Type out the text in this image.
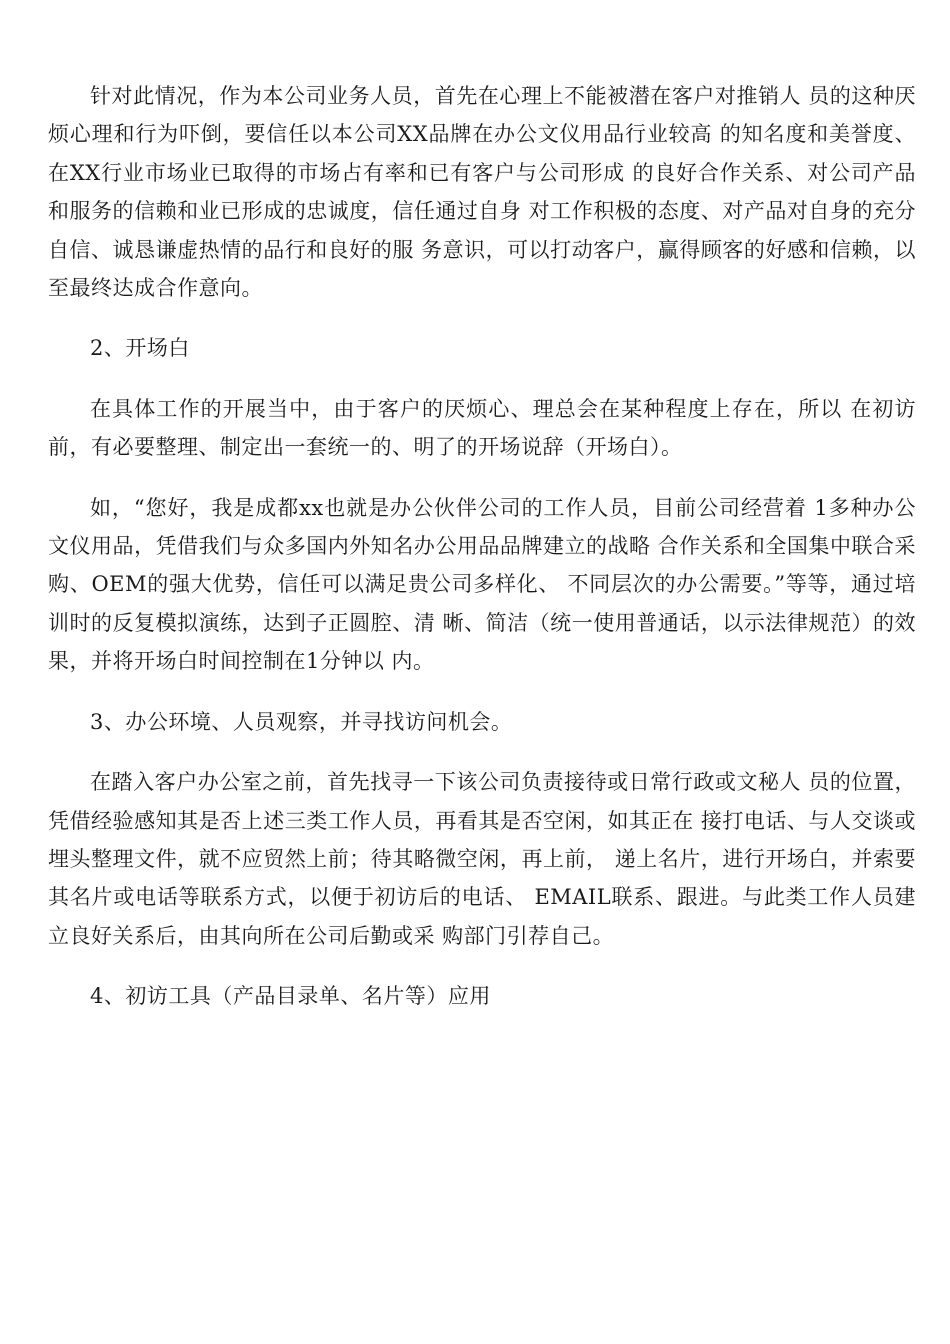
针对此情况，作为本公司业务人员，首先在心理上不能被潜在客户对推销人 员的这种厌烦心理和行为吓倒，要信任以本公司XX品牌在办公文仪用品行业较高 的知名度和美誉度、在XX行业市场业已取得的市场占有率和已有客户与公司形成 的良好合作关系、对公司产品和服务的信赖和业已形成的忠诚度，信任通过自身 对工作积极的态度、对产品对自身的充分自信、诚恳谦虚热情的品行和良好的服 务意识，可以打动客户，赢得顾客的好感和信赖，以至最终达成合作意向。

2、开场白

在具体工作的开展当中，由于客户的厌烦心、理总会在某种程度上存在，所以 在初访前，有必要整理、制定出一套统一的、明了的开场说辞（开场白）。

如，“您好，我是成都xx也就是办公伙伴公司的工作人员，目前公司经营着 1多种办公文仪用品，凭借我们与众多国内外知名办公用品品牌建立的战略 合作关系和全国集中联合采购、OEM的强大优势，信任可以满足贵公司多样化、 不同层次的办公需要。”等等，通过培训时的反复模拟演练，达到子正圆腔、清 晰、简洁（统一使用普通话，以示法律规范）的效果，并将开场白时间控制在1分钟以 内。

3、办公环境、人员观察，并寻找访问机会。

在踏入客户办公室之前，首先找寻一下该公司负责接待或日常行政或文秘人 员的位置，凭借经验感知其是否上述三类工作人员，再看其是否空闲，如其正在 接打电话、与人交谈或埋头整理文件，就不应贸然上前；待其略微空闲，再上前， 递上名片，进行开场白，并索要其名片或电话等联系方式，以便于初访后的电话、 EMAIL联系、跟进。与此类工作人员建立良好关系后，由其向所在公司后勤或采 购部门引荐自己。

4、初访工具（产品目录单、名片等）应用
